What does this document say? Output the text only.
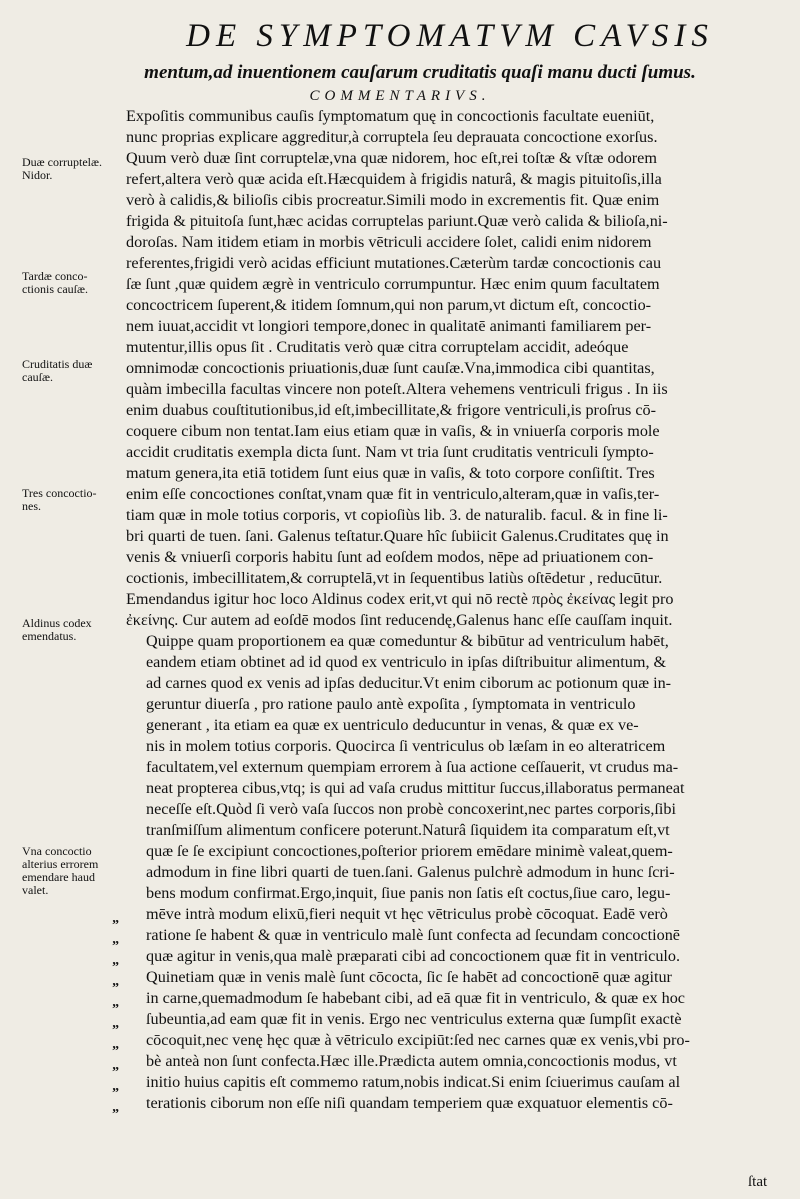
DE SYMPTOMATVM CAVSIS
mentum,ad inuentionem cauſarum cruditatis quaſi manu ducti ſumus.
COMMENTARIVS.
Expoſitis communibus cauſis ſymptomatum quę in concoctionis facultate eueniūt,
nunc proprias explicare aggreditur,à corruptela ſeu deprauata concoctione exorſus.
Quum verò duæ ſint corruptelæ,vna quæ nidorem, hoc eſt,rei toſtæ & vſtæ odorem
refert,altera verò quæ acida eſt.Hæcquidem à frigidis naturâ, & magis pituitoſis,illa
verò à calidis,& bilioſis cibis procreatur.Simili modo in excrementis fit. Quæ enim
frigida & pituitoſa ſunt,hæc acidas corruptelas pariunt.Quæ verò calida & bilioſa,ni-
doroſas. Nam itidem etiam in morbis vētriculi accidere ſolet, calidi enim nidorem
referentes,frigidi verò acidas efficiunt mutationes.Cæterùm tardæ concoctionis cau
ſæ ſunt ,quæ quidem ægrè in ventriculo corrumpuntur. Hæc enim quum facultatem
concoctricem ſuperent,& itidem ſomnum,qui non parum,vt dictum eſt, concoctio-
nem iuuat,accidit vt longiori tempore,donec in qualitatē animanti familiarem per-
mutentur,illis opus ſit . Cruditatis verò quæ citra corruptelam accidit, adeóque
omnimodæ concoctionis priuationis,duæ ſunt cauſæ.Vna,immodica cibi quantitas,
quàm imbecilla facultas vincere non poteſt.Altera vehemens ventriculi frigus . In iis
enim duabus couſtitutionibus,id eſt,imbecillitate,& frigore ventriculi,is proſrus cō-
coquere cibum non tentat.Iam eius etiam quæ in vaſis, & in vniuerſa corporis mole
accidit cruditatis exempla dicta ſunt. Nam vt tria ſunt cruditatis ventriculi ſympto-
matum genera,ita etiā totidem ſunt eius quæ in vaſis, & toto corpore conſiſtit. Tres
enim eſſe concoctiones conſtat,vnam quæ fit in ventriculo,alteram,quæ in vaſis,ter-
tiam quæ in mole totius corporis, vt copioſiùs lib. 3. de naturalib. facul. & in fine li-
bri quarti de tuen. ſani. Galenus teſtatur.Quare hîc ſubiicit Galenus.Cruditates quę in
venis & vniuerſi corporis habitu ſunt ad eoſdem modos, nēpe ad priuationem con-
coctionis, imbecillitatem,& corruptelā,vt in ſequentibus latiùs oſtēdetur , reducūtur.
Emendandus igitur hoc loco Aldinus codex erit,vt qui nō rectè πρὸς ἐκείνας legit pro
ἐκείνης. Cur autem ad eoſdē modos ſint reducendę,Galenus hanc eſſe cauſſam inquit.
Quippe quam proportionem ea quæ comeduntur & bibūtur ad ventriculum habēt,
eandem etiam obtinet ad id quod ex ventriculo in ipſas diſtribuitur alimentum, &
ad carnes quod ex venis ad ipſas deducitur.Vt enim ciborum ac potionum quæ in-
geruntur diuerſa , pro ratione paulo antè expoſita , ſymptomata in ventriculo
generant , ita etiam ea quæ ex uentriculo deducuntur in venas, & quæ ex ve-
nis in molem totius corporis. Quocirca ſi ventriculus ob læſam in eo alteratricem
facultatem,vel externum quempiam errorem à ſua actione ceſſauerit, vt crudus ma-
neat propterea cibus,vtq; is qui ad vaſa crudus mittitur ſuccus,illaboratus permaneat
neceſſe eſt.Quòd ſi verò vaſa ſuccos non probè concoxerint,nec partes corporis,ſibi
tranſmiſſum alimentum conficere poterunt.Naturâ ſiquidem ita comparatum eſt,vt
quæ ſe ſe excipiunt concoctiones,poſterior priorem emēdare minimè valeat,quem-
admodum in fine libri quarti de tuen.ſani. Galenus pulchrè admodum in hunc ſcri-
bens modum confirmat.Ergo,inquit, ſiue panis non ſatis eſt coctus,ſiue caro, legu-
mēve intrà modum elixū,fieri nequit vt hęc vētriculus probè cōcoquat. Eadē verò
ratione ſe habent & quæ in ventriculo malè ſunt confecta ad ſecundam concoctionē
quæ agitur in venis,qua malè præparati cibi ad concoctionem quæ fit in ventriculo.
Quinetiam quæ in venis malè ſunt cōcocta, ſic ſe habēt ad concoctionē quæ agitur
in carne,quemadmodum ſe habebant cibi, ad eā quæ fit in ventriculo, & quæ ex hoc
ſubeuntia,ad eam quæ fit in venis. Ergo nec ventriculus externa quæ ſumpſit exactè
cōcoquit,nec venę hęc quæ à vētriculo excipiūt:ſed nec carnes quæ ex venis,vbi pro-
bè anteà non ſunt confecta.Hæc ille.Prædicta autem omnia,concoctionis modus, vt
initio huius capitis eſt commemo ratum,nobis indicat.Si enim ſciuerimus cauſam al
terationis ciborum non eſſe niſi quandam temperiem quæ exquatuor elementis cō-
Duæ corruptelæ.
Nidor.
Tardæ conco-
ctionis cauſæ.
Cruditatis duæ
cauſæ.
Tres concoctio-
nes.
Aldinus codex
emendatus.
Vna concoctio
alterius errorem
emendare haud
valet.
”
”
”
”
”
”
”
”
”
”
ſtat
